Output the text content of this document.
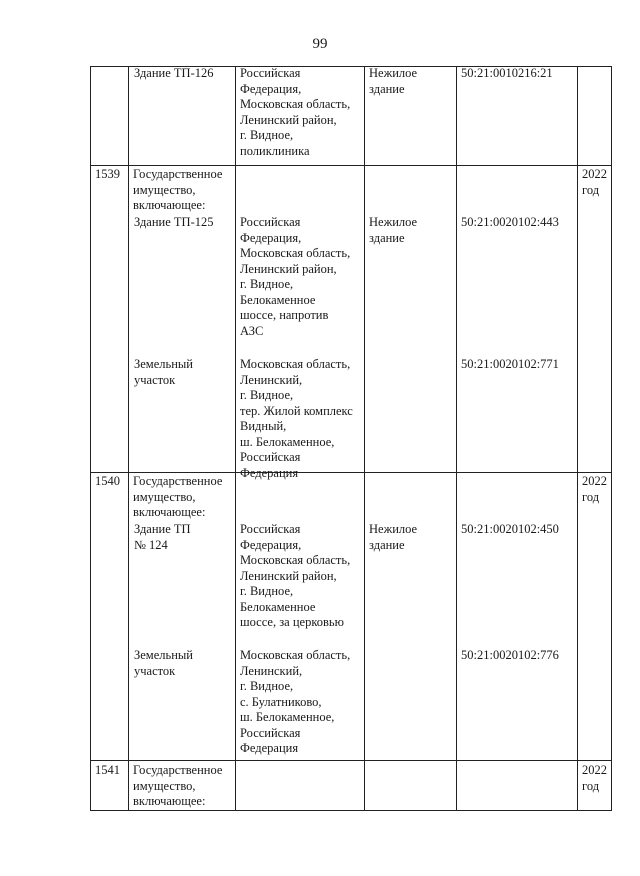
99
Здание ТП-126 Российская
Федерация,
Московская область,
Ленинский район,
г. Видное,
поликлиника
Нежилое
здание
50:21:0010216:21
1539 Государственное
имущество,
включающее:
2022
год
Здание ТП-125 Российская
Федерация,
Московская область,
Ленинский район,
г. Видное,
Белокаменное
шоссе, напротив
АЗС
Нежилое
здание
50:21:0020102:443
Земельный
участок
Московская область,
Ленинский,
г. Видное,
тер. Жилой комплекс
Видный,
ш. Белокаменное,
Российская
Федерация
50:21:0020102:771
1540 Государственное
имущество,
включающее:
2022
год
Здание ТП
№ 124
Российская
Федерация,
Московская область,
Ленинский район,
г. Видное,
Белокаменное
шоссе, за церковью
Нежилое
здание
50:21:0020102:450
Земельный
участок
Московская область,
Ленинский,
г. Видное,
с. Булатниково,
ш. Белокаменное,
Российская
Федерация
50:21:0020102:776
1541 Государственное
имущество,
включающее:
2022
год
